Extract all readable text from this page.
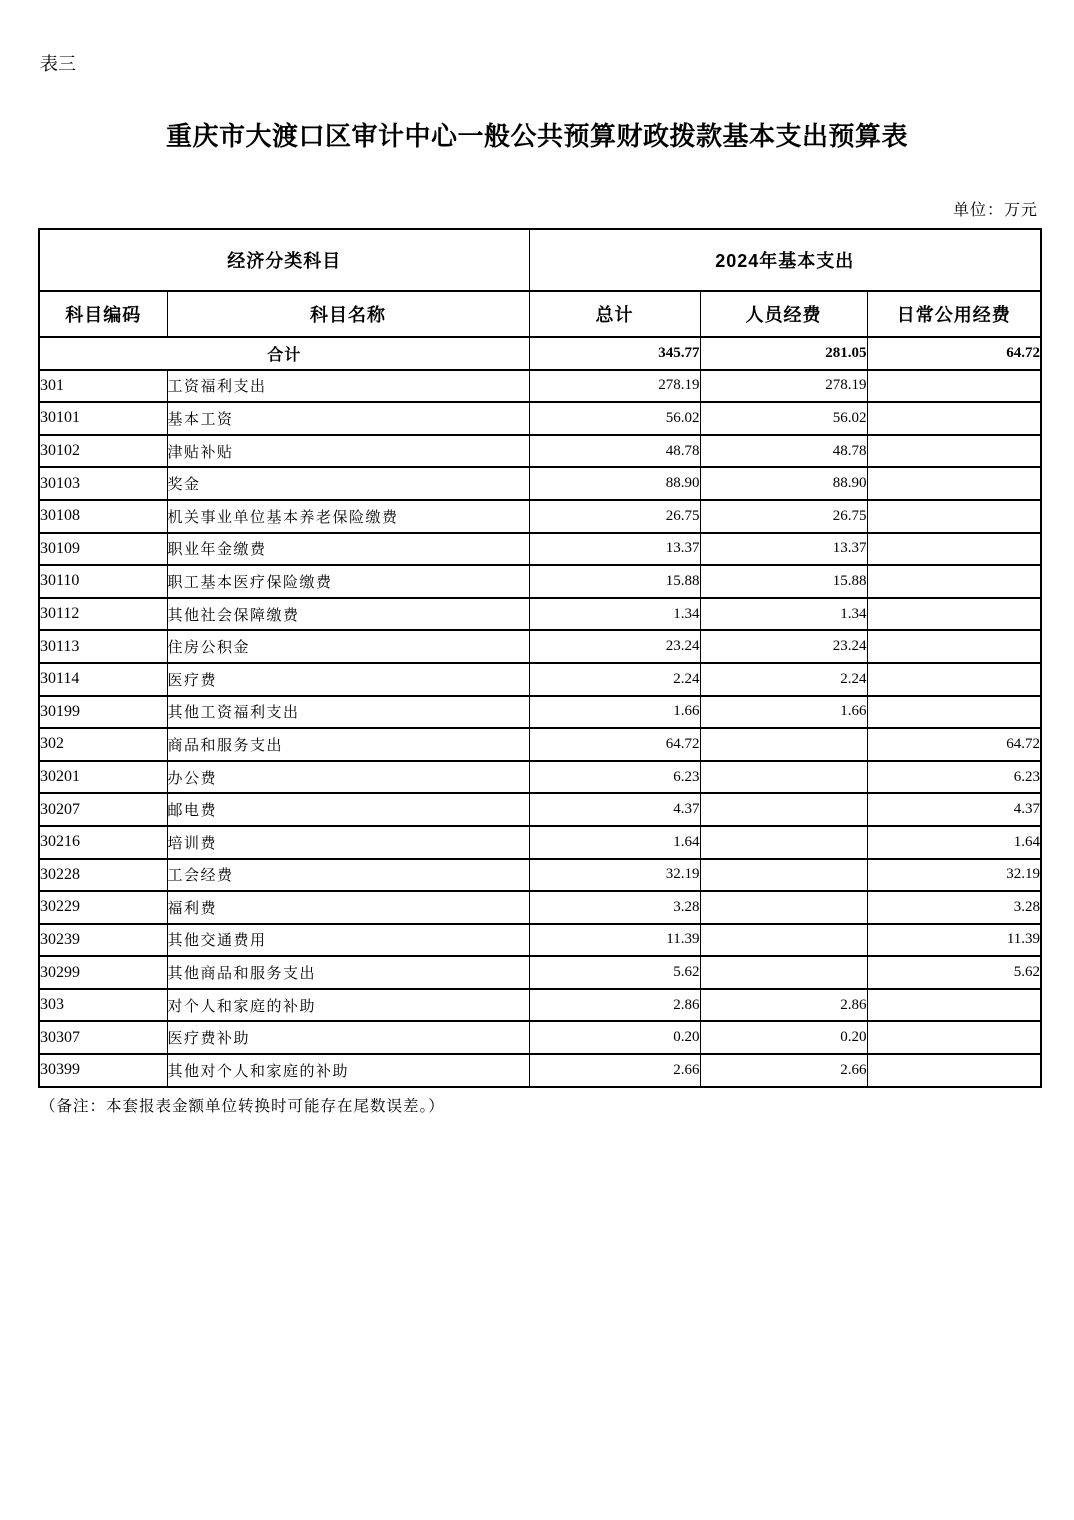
表三
重庆市大渡口区审计中心一般公共预算财政拨款基本支出预算表
单位：万元
经济分类科目		2024年基本支出		
科目编码	科目名称	总计	人员经费	日常公用经费
合计		345.77	281.05	64.72
301	工资福利支出	278.19	278.19	
30101	基本工资	56.02	56.02	
30102	津贴补贴	48.78	48.78	
30103	奖金	88.90	88.90	
30108	机关事业单位基本养老保险缴费	26.75	26.75	
30109	职业年金缴费	13.37	13.37	
30110	职工基本医疗保险缴费	15.88	15.88	
30112	其他社会保障缴费	1.34	1.34	
30113	住房公积金	23.24	23.24	
30114	医疗费	2.24	2.24	
30199	其他工资福利支出	1.66	1.66	
302	商品和服务支出	64.72		64.72
30201	办公费	6.23		6.23
30207	邮电费	4.37		4.37
30216	培训费	1.64		1.64
30228	工会经费	32.19		32.19
30229	福利费	3.28		3.28
30239	其他交通费用	11.39		11.39
30299	其他商品和服务支出	5.62		5.62
303	对个人和家庭的补助	2.86	2.86	
30307	医疗费补助	0.20	0.20	
30399	其他对个人和家庭的补助	2.66	2.66	
（备注：本套报表金额单位转换时可能存在尾数误差。）
